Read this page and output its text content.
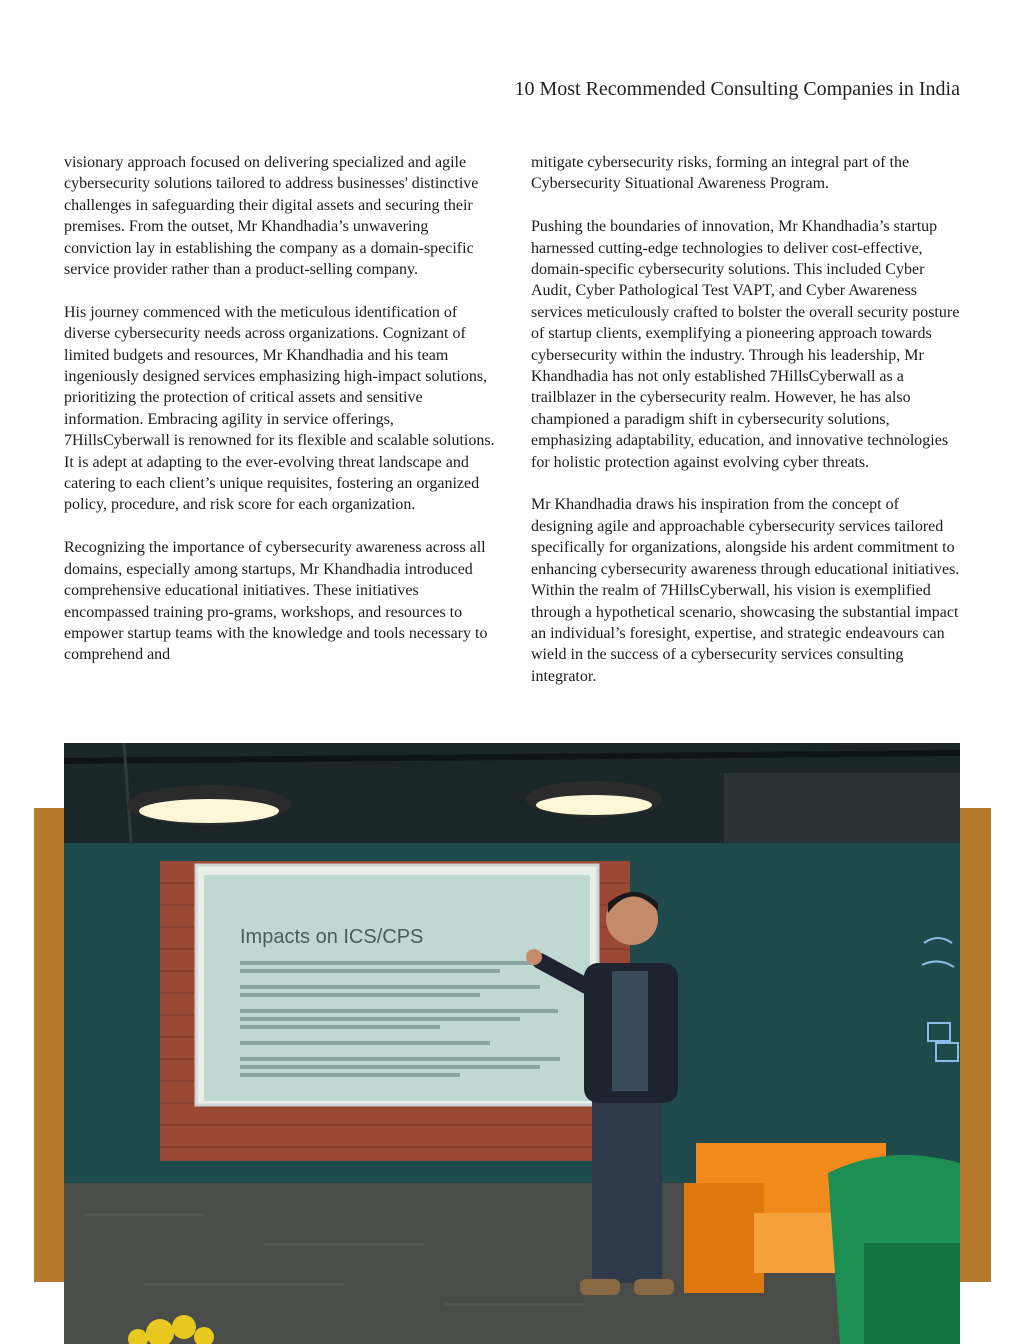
10 Most Recommended Consulting Companies in India

visionary approach focused on delivering specialized and agile cybersecurity solutions tailored to address businesses' distinctive challenges in safeguarding their digital assets and securing their premises. From the outset, Mr Khandhadia’s unwavering conviction lay in establishing the company as a domain-specific service provider rather than a product-selling company.

His journey commenced with the meticulous identification of diverse cybersecurity needs across organizations. Cognizant of limited budgets and resources, Mr Khandhadia and his team ingeniously designed services emphasizing high-impact solutions, prioritizing the protection of critical assets and sensitive information. Embracing agility in service offerings, 7HillsCyberwall is renowned for its flexible and scalable solutions. It is adept at adapting to the ever-evolving threat landscape and catering to each client’s unique requisites, fostering an organized policy, procedure, and risk score for each organization.

Recognizing the importance of cybersecurity awareness across all domains, especially among startups, Mr Khandhadia introduced comprehensive educational initiatives. These initiatives encompassed training pro-grams, workshops, and resources to empower startup teams with the knowledge and tools necessary to comprehend and

mitigate cybersecurity risks, forming an integral part of the Cybersecurity Situational Awareness Program.

Pushing the boundaries of innovation, Mr Khandhadia’s startup harnessed cutting-edge technologies to deliver cost-effective, domain-specific cybersecurity solutions. This included Cyber Audit, Cyber Pathological Test VAPT, and Cyber Awareness services meticulously crafted to bolster the overall security posture of startup clients, exemplifying a pioneering approach towards cybersecurity within the industry. Through his leadership, Mr Khandhadia has not only established 7HillsCyberwall as a trailblazer in the cybersecurity realm. However, he has also championed a paradigm shift in cybersecurity solutions, emphasizing adaptability, education, and innovative technologies for holistic protection against evolving cyber threats.

Mr Khandhadia draws his inspiration from the concept of designing agile and approachable cybersecurity services tailored specifically for organizations, alongside his ardent commitment to enhancing cybersecurity awareness through educational initiatives. Within the realm of 7HillsCyberwall, his vision is exemplified through a hypothetical scenario, showcasing the substantial impact an individual’s foresight, expertise, and strategic endeavours can wield in the success of a cybersecurity services consulting integrator.

Impacts on ICS/CPS
